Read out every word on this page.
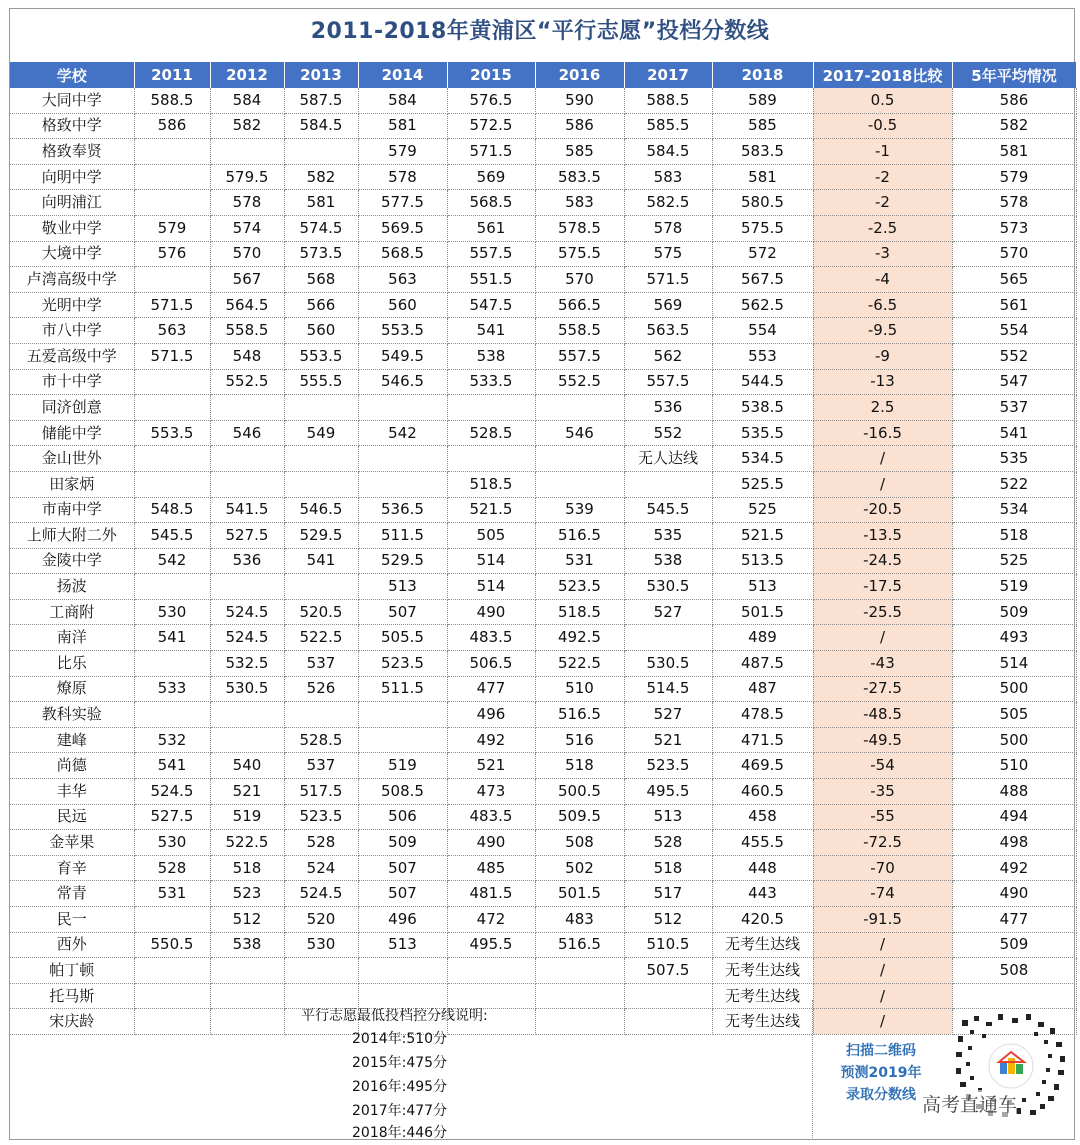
2011-2018年黄浦区“平行志愿”投档分数线
学校	2011	2012	2013	2014	2015	2016	2017	2018	2017-2018比较	5年平均情况
大同中学	588.5	584	587.5	584	576.5	590	588.5	589	0.5	586
格致中学	586	582	584.5	581	572.5	586	585.5	585	-0.5	582
格致奉贤				579	571.5	585	584.5	583.5	-1	581
向明中学		579.5	582	578	569	583.5	583	581	-2	579
向明浦江		578	581	577.5	568.5	583	582.5	580.5	-2	578
敬业中学	579	574	574.5	569.5	561	578.5	578	575.5	-2.5	573
大境中学	576	570	573.5	568.5	557.5	575.5	575	572	-3	570
卢湾高级中学		567	568	563	551.5	570	571.5	567.5	-4	565
光明中学	571.5	564.5	566	560	547.5	566.5	569	562.5	-6.5	561
市八中学	563	558.5	560	553.5	541	558.5	563.5	554	-9.5	554
五爱高级中学	571.5	548	553.5	549.5	538	557.5	562	553	-9	552
市十中学		552.5	555.5	546.5	533.5	552.5	557.5	544.5	-13	547
同济创意							536	538.5	2.5	537
储能中学	553.5	546	549	542	528.5	546	552	535.5	-16.5	541
金山世外							无人达线	534.5	/	535
田家炳					518.5			525.5	/	522
市南中学	548.5	541.5	546.5	536.5	521.5	539	545.5	525	-20.5	534
上师大附二外	545.5	527.5	529.5	511.5	505	516.5	535	521.5	-13.5	518
金陵中学	542	536	541	529.5	514	531	538	513.5	-24.5	525
扬波				513	514	523.5	530.5	513	-17.5	519
工商附	530	524.5	520.5	507	490	518.5	527	501.5	-25.5	509
南洋	541	524.5	522.5	505.5	483.5	492.5		489	/	493
比乐		532.5	537	523.5	506.5	522.5	530.5	487.5	-43	514
燎原	533	530.5	526	511.5	477	510	514.5	487	-27.5	500
教科实验					496	516.5	527	478.5	-48.5	505
建峰	532		528.5		492	516	521	471.5	-49.5	500
尚德	541	540	537	519	521	518	523.5	469.5	-54	510
丰华	524.5	521	517.5	508.5	473	500.5	495.5	460.5	-35	488
民远	527.5	519	523.5	506	483.5	509.5	513	458	-55	494
金苹果	530	522.5	528	509	490	508	528	455.5	-72.5	498
育辛	528	518	524	507	485	502	518	448	-70	492
常青	531	523	524.5	507	481.5	501.5	517	443	-74	490
民一		512	520	496	472	483	512	420.5	-91.5	477
西外	550.5	538	530	513	495.5	516.5	510.5	无考生达线	/	509
帕丁顿							507.5	无考生达线	/	508
托马斯								无考生达线	/	
宋庆龄								无考生达线	/	
平行志愿最低投档控分线说明:
2014年:510分
2015年:475分
2016年:495分
2017年:477分
2018年:446分
扫描二维码
预测2019年
录取分数线 高考直通车
